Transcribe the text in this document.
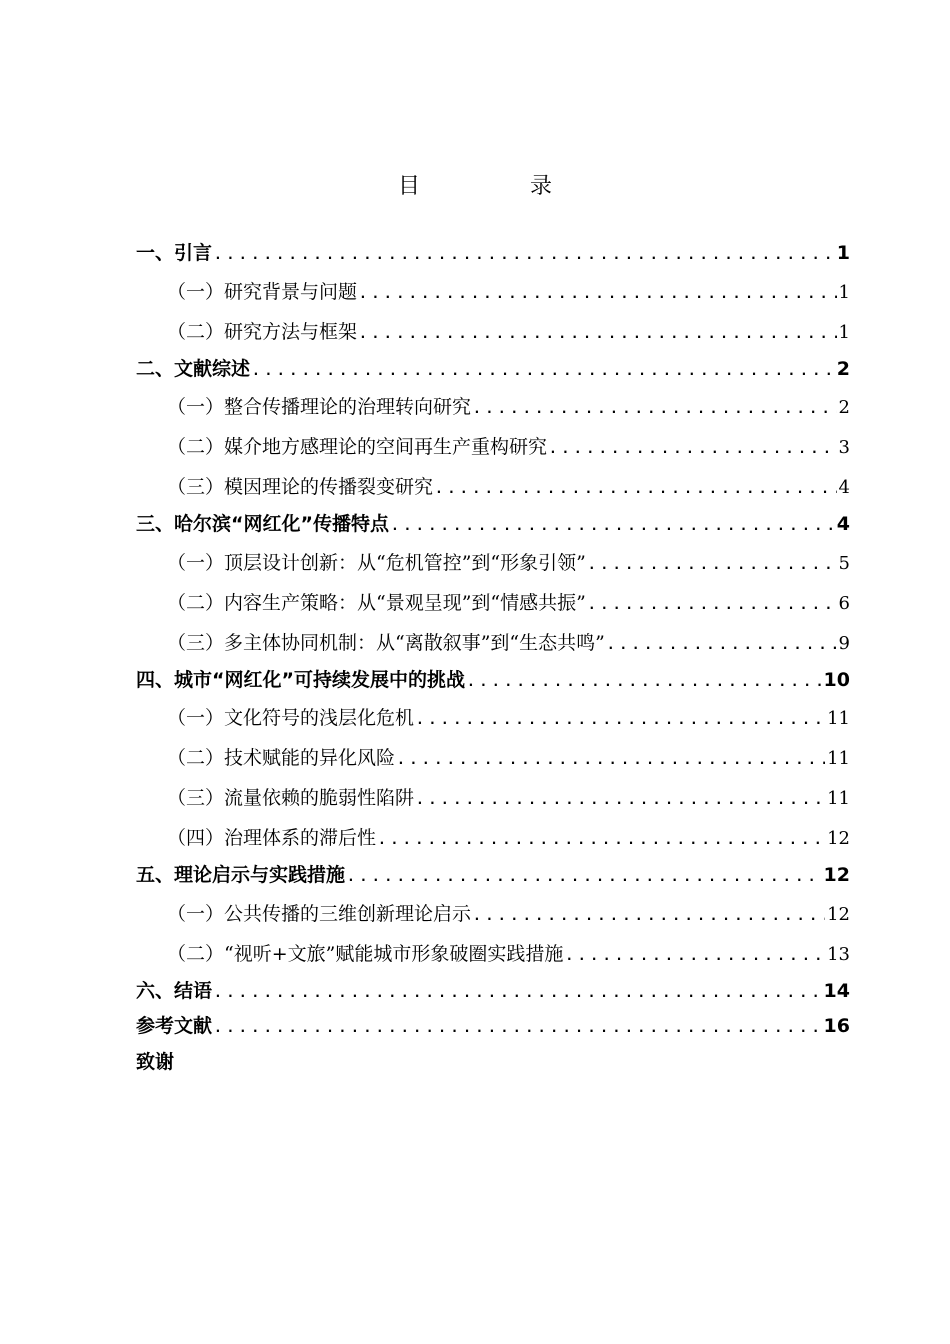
目　录
一、引言 . . .	1
（一）研究背景与问题 . . .	1
（二）研究方法与框架 . . .	1
二、文献综述 . . .	2
（一）整合传播理论的治理转向研究 . . .	2
（二）媒介地方感理论的空间再生产重构研究 . . .	3
（三）模因理论的传播裂变研究 . . .	4
三、哈尔滨“网红化”传播特点 . . .	4
（一）顶层设计创新：从“危机管控”到“形象引领” . . .	5
（二）内容生产策略：从“景观呈现”到“情感共振” . . .	6
（三）多主体协同机制：从“离散叙事”到“生态共鸣” . . .	9
四、城市“网红化”可持续发展中的挑战 . . .	10
（一）文化符号的浅层化危机 . . .	11
（二）技术赋能的异化风险 . . .	11
（三）流量依赖的脆弱性陷阱 . . .	11
（四）治理体系的滞后性 . . .	12
五、理论启示与实践措施 . . .	12
（一）公共传播的三维创新理论启示 . . .	12
（二）“视听+文旅”赋能城市形象破圈实践措施 . . .	13
六、结语 . . .	14
参考文献 . . .	16
致谢
